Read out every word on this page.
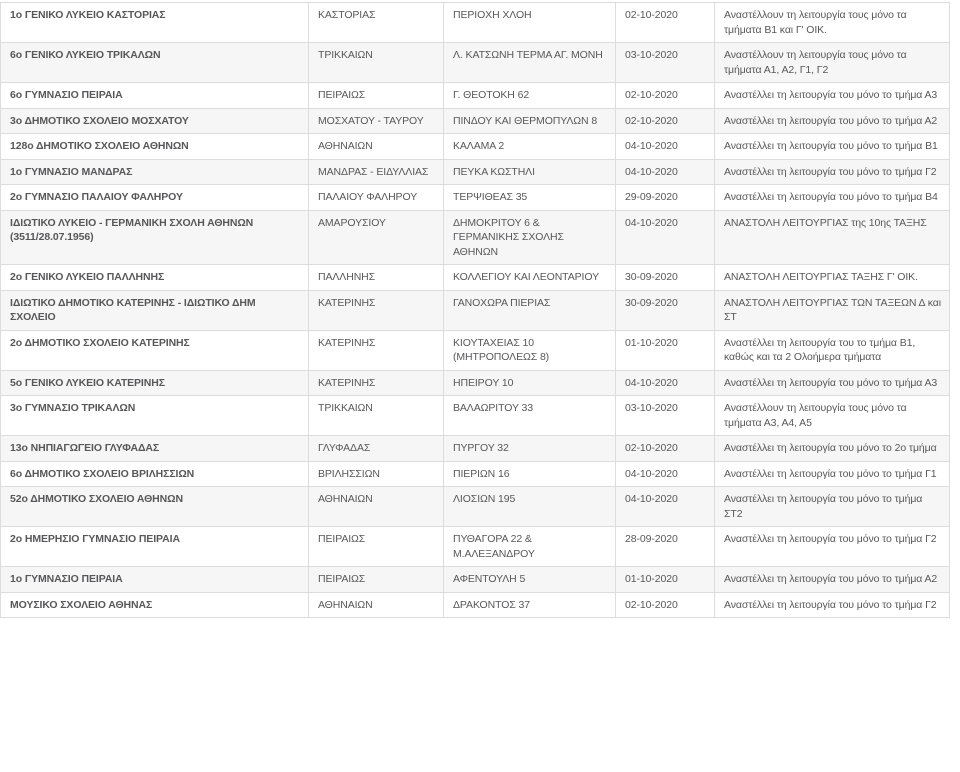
1ο ΓΕΝΙΚΟ ΛΥΚΕΙΟ ΚΑΣΤΟΡΙΑΣ	ΚΑΣΤΟΡΙΑΣ	ΠΕΡΙΟΧΗ ΧΛΟΗ	02-10-2020	Αναστέλλουν τη λειτουργία τους μόνο τα τμήματα Β1 και Γ' ΟΙΚ.
6ο ΓΕΝΙΚΟ ΛΥΚΕΙΟ ΤΡΙΚΑΛΩΝ	ΤΡΙΚΚΑΙΩΝ	Λ. ΚΑΤΣΩΝΗ ΤΕΡΜΑ ΑΓ. ΜΟΝΗ	03-10-2020	Αναστέλλουν τη λειτουργία τους μόνο τα τμήματα Α1, Α2, Γ1, Γ2
6ο ΓΥΜΝΑΣΙΟ ΠΕΙΡΑΙΑ	ΠΕΙΡΑΙΩΣ	Γ. ΘΕΟΤΟΚΗ 62	02-10-2020	Αναστέλλει τη λειτουργία του μόνο το τμήμα Α3
3ο ΔΗΜΟΤΙΚΟ ΣΧΟΛΕΙΟ ΜΟΣΧΑΤΟΥ	ΜΟΣΧΑΤΟΥ - ΤΑΥΡΟΥ	ΠΙΝΔΟΥ ΚΑΙ ΘΕΡΜΟΠΥΛΩΝ 8	02-10-2020	Αναστέλλει τη λειτουργία του μόνο το τμήμα Α2
128ο ΔΗΜΟΤΙΚΟ ΣΧΟΛΕΙΟ ΑΘΗΝΩΝ	ΑΘΗΝΑΙΩΝ	ΚΑΛΑΜΑ 2	04-10-2020	Αναστέλλει τη λειτουργία του μόνο το τμήμα Β1
1ο ΓΥΜΝΑΣΙΟ ΜΑΝΔΡΑΣ	ΜΑΝΔΡΑΣ - ΕΙΔΥΛΛΙΑΣ	ΠΕΥΚΑ ΚΩΣΤΗΛΙ	04-10-2020	Αναστέλλει τη λειτουργία του μόνο το τμήμα Γ2
2ο ΓΥΜΝΑΣΙΟ ΠΑΛΑΙΟΥ ΦΑΛΗΡΟΥ	ΠΑΛΑΙΟΥ ΦΑΛΗΡΟΥ	ΤΕΡΨΙΘΕΑΣ 35	29-09-2020	Αναστέλλει τη λειτουργία του μόνο το τμήμα Β4
ΙΔΙΩΤΙΚΟ ΛΥΚΕΙΟ - ΓΕΡΜΑΝΙΚΗ ΣΧΟΛΗ ΑΘΗΝΩΝ (3511/28.07.1956)	ΑΜΑΡΟΥΣΙΟΥ	ΔΗΜΟΚΡΙΤΟΥ 6 & ΓΕΡΜΑΝΙΚΗΣ ΣΧΟΛΗΣ ΑΘΗΝΩΝ	04-10-2020	ΑΝΑΣΤΟΛΗ ΛΕΙΤΟΥΡΓΙΑΣ της 10ης ΤΑΞΗΣ
2ο ΓΕΝΙΚΟ ΛΥΚΕΙΟ ΠΑΛΛΗΝΗΣ	ΠΑΛΛΗΝΗΣ	ΚΟΛΛΕΓΙΟΥ ΚΑΙ ΛΕΟΝΤΑΡΙΟΥ	30-09-2020	ΑΝΑΣΤΟΛΗ ΛΕΙΤΟΥΡΓΙΑΣ ΤΑΞΗΣ Γ' ΟΙΚ.
ΙΔΙΩΤΙΚΟ ΔΗΜΟΤΙΚΟ ΚΑΤΕΡΙΝΗΣ - ΙΔΙΩΤΙΚΟ ΔΗΜ ΣΧΟΛΕΙΟ	ΚΑΤΕΡΙΝΗΣ	ΓΑΝΟΧΩΡΑ ΠΙΕΡΙΑΣ	30-09-2020	ΑΝΑΣΤΟΛΗ ΛΕΙΤΟΥΡΓΙΑΣ ΤΩΝ ΤΑΞΕΩΝ Δ και ΣΤ
2ο ΔΗΜΟΤΙΚΟ ΣΧΟΛΕΙΟ ΚΑΤΕΡΙΝΗΣ	ΚΑΤΕΡΙΝΗΣ	ΚΙΟΥΤΑΧΕΙΑΣ 10 (ΜΗΤΡΟΠΟΛΕΩΣ 8)	01-10-2020	Αναστέλλει τη λειτουργία του το τμήμα Β1, καθώς και τα 2 Ολοήμερα τμήματα
5ο ΓΕΝΙΚΟ ΛΥΚΕΙΟ ΚΑΤΕΡΙΝΗΣ	ΚΑΤΕΡΙΝΗΣ	ΗΠΕΙΡΟΥ 10	04-10-2020	Αναστέλλει τη λειτουργία του μόνο το τμήμα Α3
3ο ΓΥΜΝΑΣΙΟ ΤΡΙΚΑΛΩΝ	ΤΡΙΚΚΑΙΩΝ	ΒΑΛΑΩΡΙΤΟΥ 33	03-10-2020	Αναστέλλουν τη λειτουργία τους μόνο τα τμήματα Α3, Α4, Α5
13ο ΝΗΠΙΑΓΩΓΕΙΟ ΓΛΥΦΑΔΑΣ	ΓΛΥΦΑΔΑΣ	ΠΥΡΓΟΥ 32	02-10-2020	Αναστέλλει τη λειτουργία του μόνο το 2ο τμήμα
6ο ΔΗΜΟΤΙΚΟ ΣΧΟΛΕΙΟ ΒΡΙΛΗΣΣΙΩΝ	ΒΡΙΛΗΣΣΙΩΝ	ΠΙΕΡΙΩΝ 16	04-10-2020	Αναστέλλει τη λειτουργία του μόνο το τμήμα Γ1
52ο ΔΗΜΟΤΙΚΟ ΣΧΟΛΕΙΟ ΑΘΗΝΩΝ	ΑΘΗΝΑΙΩΝ	ΛΙΟΣΙΩΝ 195	04-10-2020	Αναστέλλει τη λειτουργία του μόνο το τμήμα ΣΤ2
2ο ΗΜΕΡΗΣΙΟ ΓΥΜΝΑΣΙΟ ΠΕΙΡΑΙΑ	ΠΕΙΡΑΙΩΣ	ΠΥΘΑΓΟΡΑ 22 & Μ.ΑΛΕΞΑΝΔΡΟΥ	28-09-2020	Αναστέλλει τη λειτουργία του μόνο το τμήμα Γ2
1ο ΓΥΜΝΑΣΙΟ ΠΕΙΡΑΙΑ	ΠΕΙΡΑΙΩΣ	ΑΦΕΝΤΟΥΛΗ 5	01-10-2020	Αναστέλλει τη λειτουργία του μόνο το τμήμα Α2
ΜΟΥΣΙΚΟ ΣΧΟΛΕΙΟ ΑΘΗΝΑΣ	ΑΘΗΝΑΙΩΝ	ΔΡΑΚΟΝΤΟΣ 37	02-10-2020	Αναστέλλει τη λειτουργία του μόνο το τμήμα Γ2
